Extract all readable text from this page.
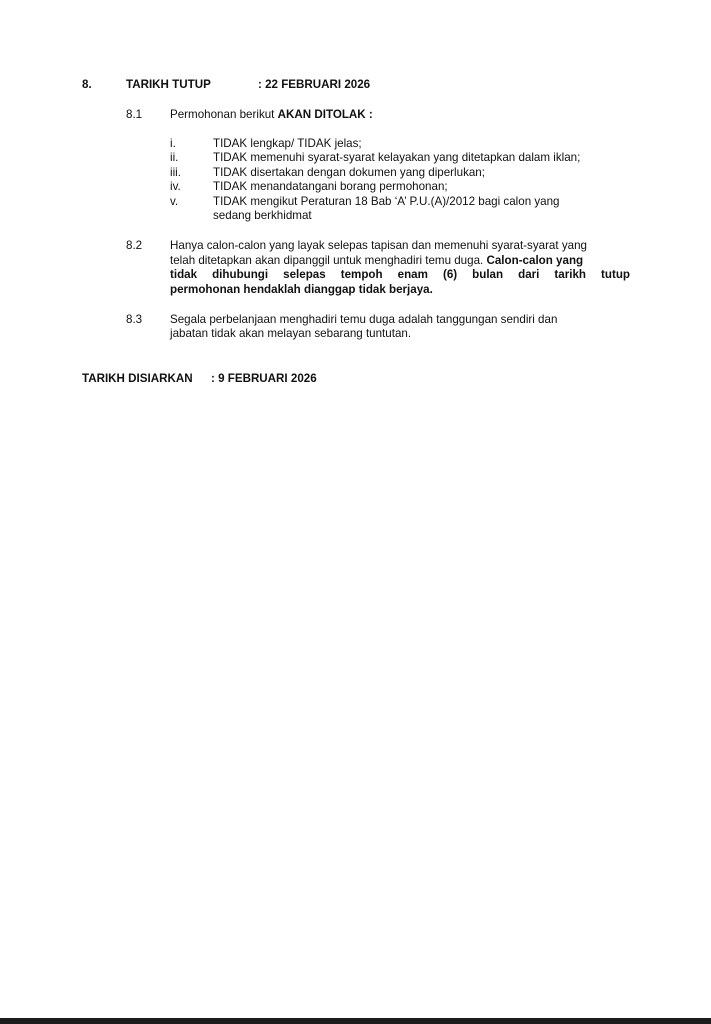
8.	TARIKH TUTUP	: 22 FEBRUARI 2026
8.1 Permohonan berikut AKAN DITOLAK :
i.	TIDAK lengkap/ TIDAK jelas;
ii.	TIDAK memenuhi syarat-syarat kelayakan yang ditetapkan dalam iklan;
iii.	TIDAK disertakan dengan dokumen yang diperlukan;
iv.	TIDAK menandatangani borang permohonan;
v.	TIDAK mengikut Peraturan 18 Bab ‘A’ P.U.(A)/2012 bagi calon yang
sedang berkhidmat
8.2 Hanya calon-calon yang layak selepas tapisan dan memenuhi syarat-syarat yang
telah ditetapkan akan dipanggil untuk menghadiri temu duga. Calon-calon yang
tidak dihubungi selepas tempoh enam (6) bulan dari tarikh tutup
permohonan hendaklah dianggap tidak berjaya.
8.3 Segala perbelanjaan menghadiri temu duga adalah tanggungan sendiri dan
jabatan tidak akan melayan sebarang tuntutan.
TARIKH DISIARKAN : 9 FEBRUARI 2026
